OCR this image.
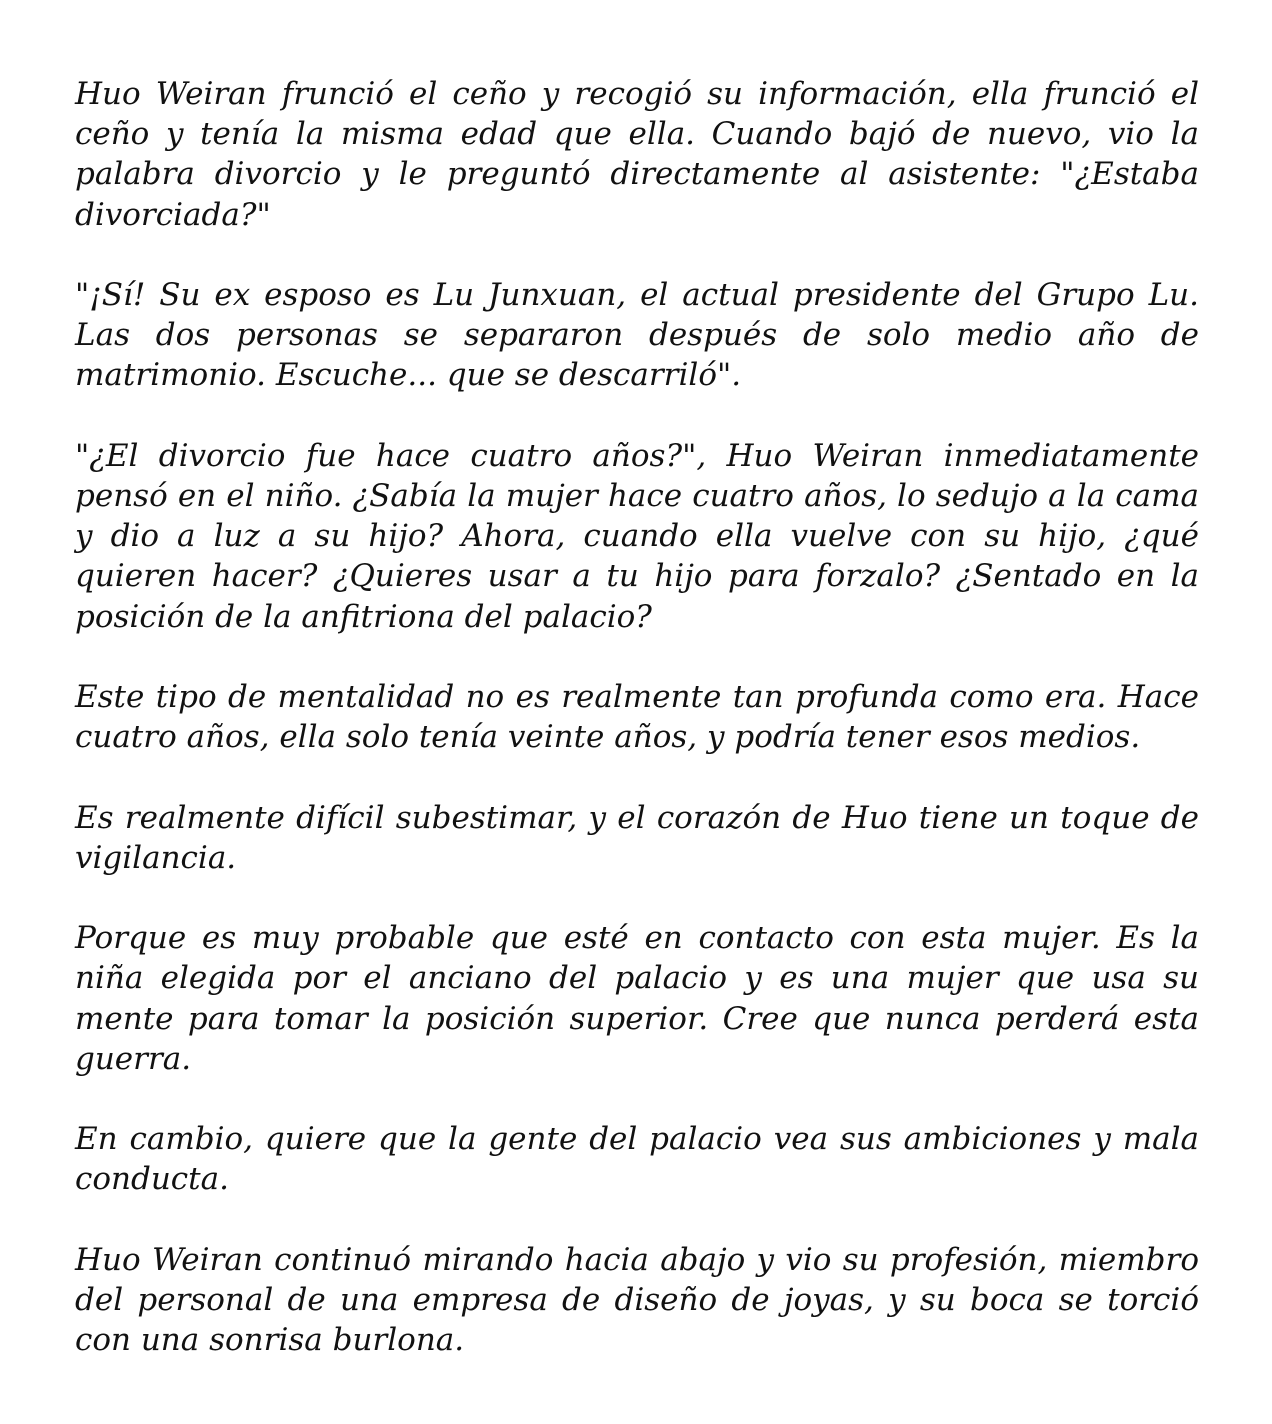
Huo Weiran frunció el ceño y recogió su información, ella frunció el ceño y tenía la misma edad que ella. Cuando bajó de nuevo, vio la palabra divorcio y le preguntó directamente al asistente: "¿Estaba divorciada?"

"¡Sí! Su ex esposo es Lu Junxuan, el actual presidente del Grupo Lu. Las dos personas se separaron después de solo medio año de matrimonio. Escuche... que se descarriló".

"¿El divorcio fue hace cuatro años?", Huo Weiran inmediatamente pensó en el niño. ¿Sabía la mujer hace cuatro años, lo sedujo a la cama y dio a luz a su hijo? Ahora, cuando ella vuelve con su hijo, ¿qué quieren hacer? ¿Quieres usar a tu hijo para forzalo? ¿Sentado en la posición de la anfitriona del palacio?

Este tipo de mentalidad no es realmente tan profunda como era. Hace cuatro años, ella solo tenía veinte años, y podría tener esos medios.

Es realmente difícil subestimar, y el corazón de Huo tiene un toque de vigilancia.

Porque es muy probable que esté en contacto con esta mujer. Es la niña elegida por el anciano del palacio y es una mujer que usa su mente para tomar la posición superior. Cree que nunca perderá esta guerra.

En cambio, quiere que la gente del palacio vea sus ambiciones y mala conducta.

Huo Weiran continuó mirando hacia abajo y vio su profesión, miembro del personal de una empresa de diseño de joyas, y su boca se torció con una sonrisa burlona.
